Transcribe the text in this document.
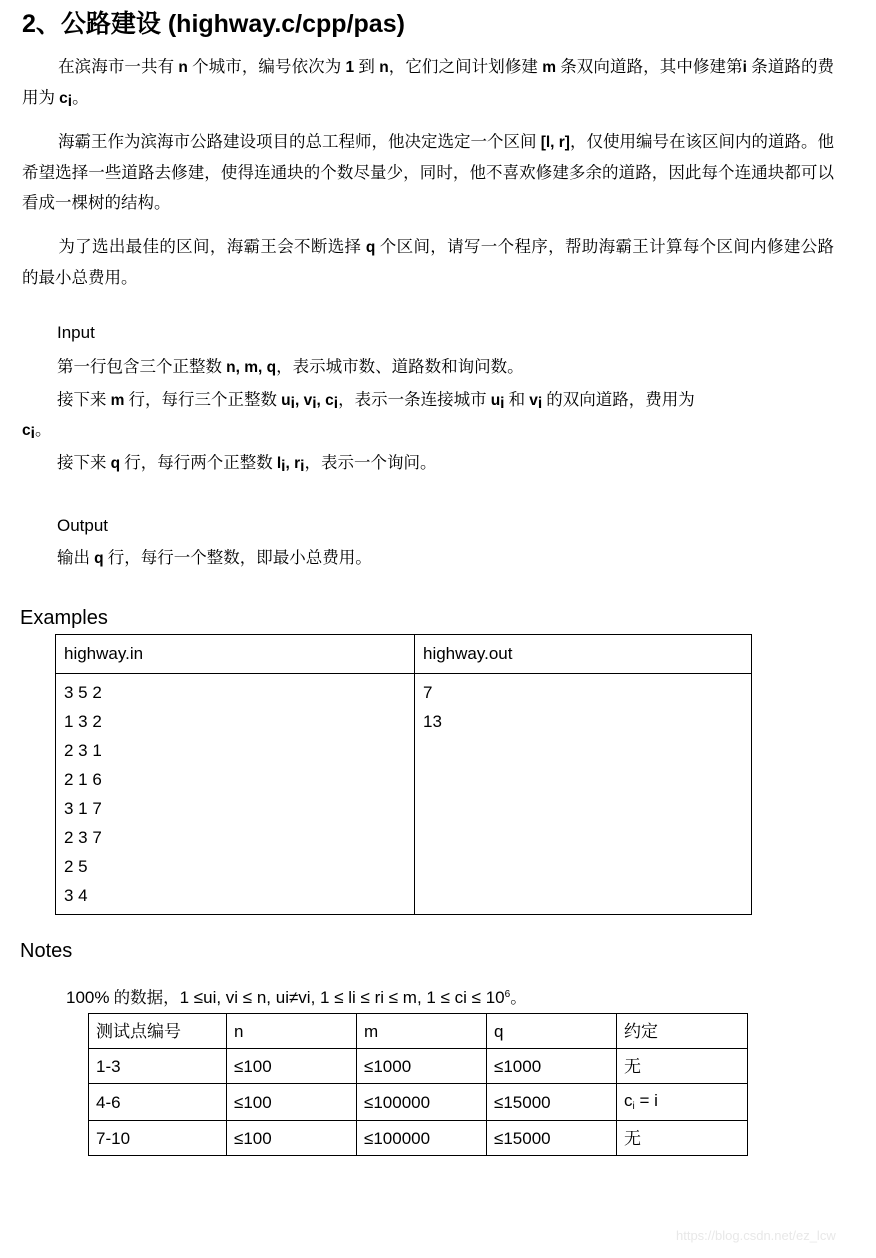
2、公路建设 (highway.c/cpp/pas)
在滨海市一共有 n 个城市，编号依次为 1 到 n，它们之间计划修建 m 条双向道路，其中修建第i 条道路的费用为 $c_i$。
海霸王作为滨海市公路建设项目的总工程师，他决定选定一个区间 [l, r]，仅使用编号在该区间内的道路。他希望选择一些道路去修建，使得连通块的个数尽量少，同时，他不喜欢修建多余的道路，因此每个连通块都可以看成一棵树的结构。
为了选出最佳的区间，海霸王会不断选择 q 个区间，请写一个程序，帮助海霸王计算每个区间内修建公路的最小总费用。
Input
第一行包含三个正整数 n, m, q，表示城市数、道路数和询问数。
接下来 m 行，每行三个正整数 $u_i$, $v_i$, $c_i$，表示一条连接城市 $u_i$ 和 $v_i$ 的双向道路，费用为
$c_i$。
接下来 q 行，每行两个正整数 $l_i$, $r_i$，表示一个询问。
Output
输出 q 行，每行一个整数，即最小总费用。
Examples
highway.in	highway.out

3 5 2
1 3 2
2 3 1
2 1 6
3 1 7
2 3 7
2 5
3 4

7
13
Notes
100% 的数据，1 ≤ui, vi ≤ n, ui≠vi, 1 ≤ li ≤ ri ≤ m, 1 ≤ ci ≤ $10^6$。
测试点编号	n	m	q	约定
1-3	≤100	≤1000	≤1000	无
4-6	≤100	≤100000	≤15000	$c_i = i$
7-10	≤100	≤100000	≤15000	无
https://blog.csdn.net/ez_lcw
